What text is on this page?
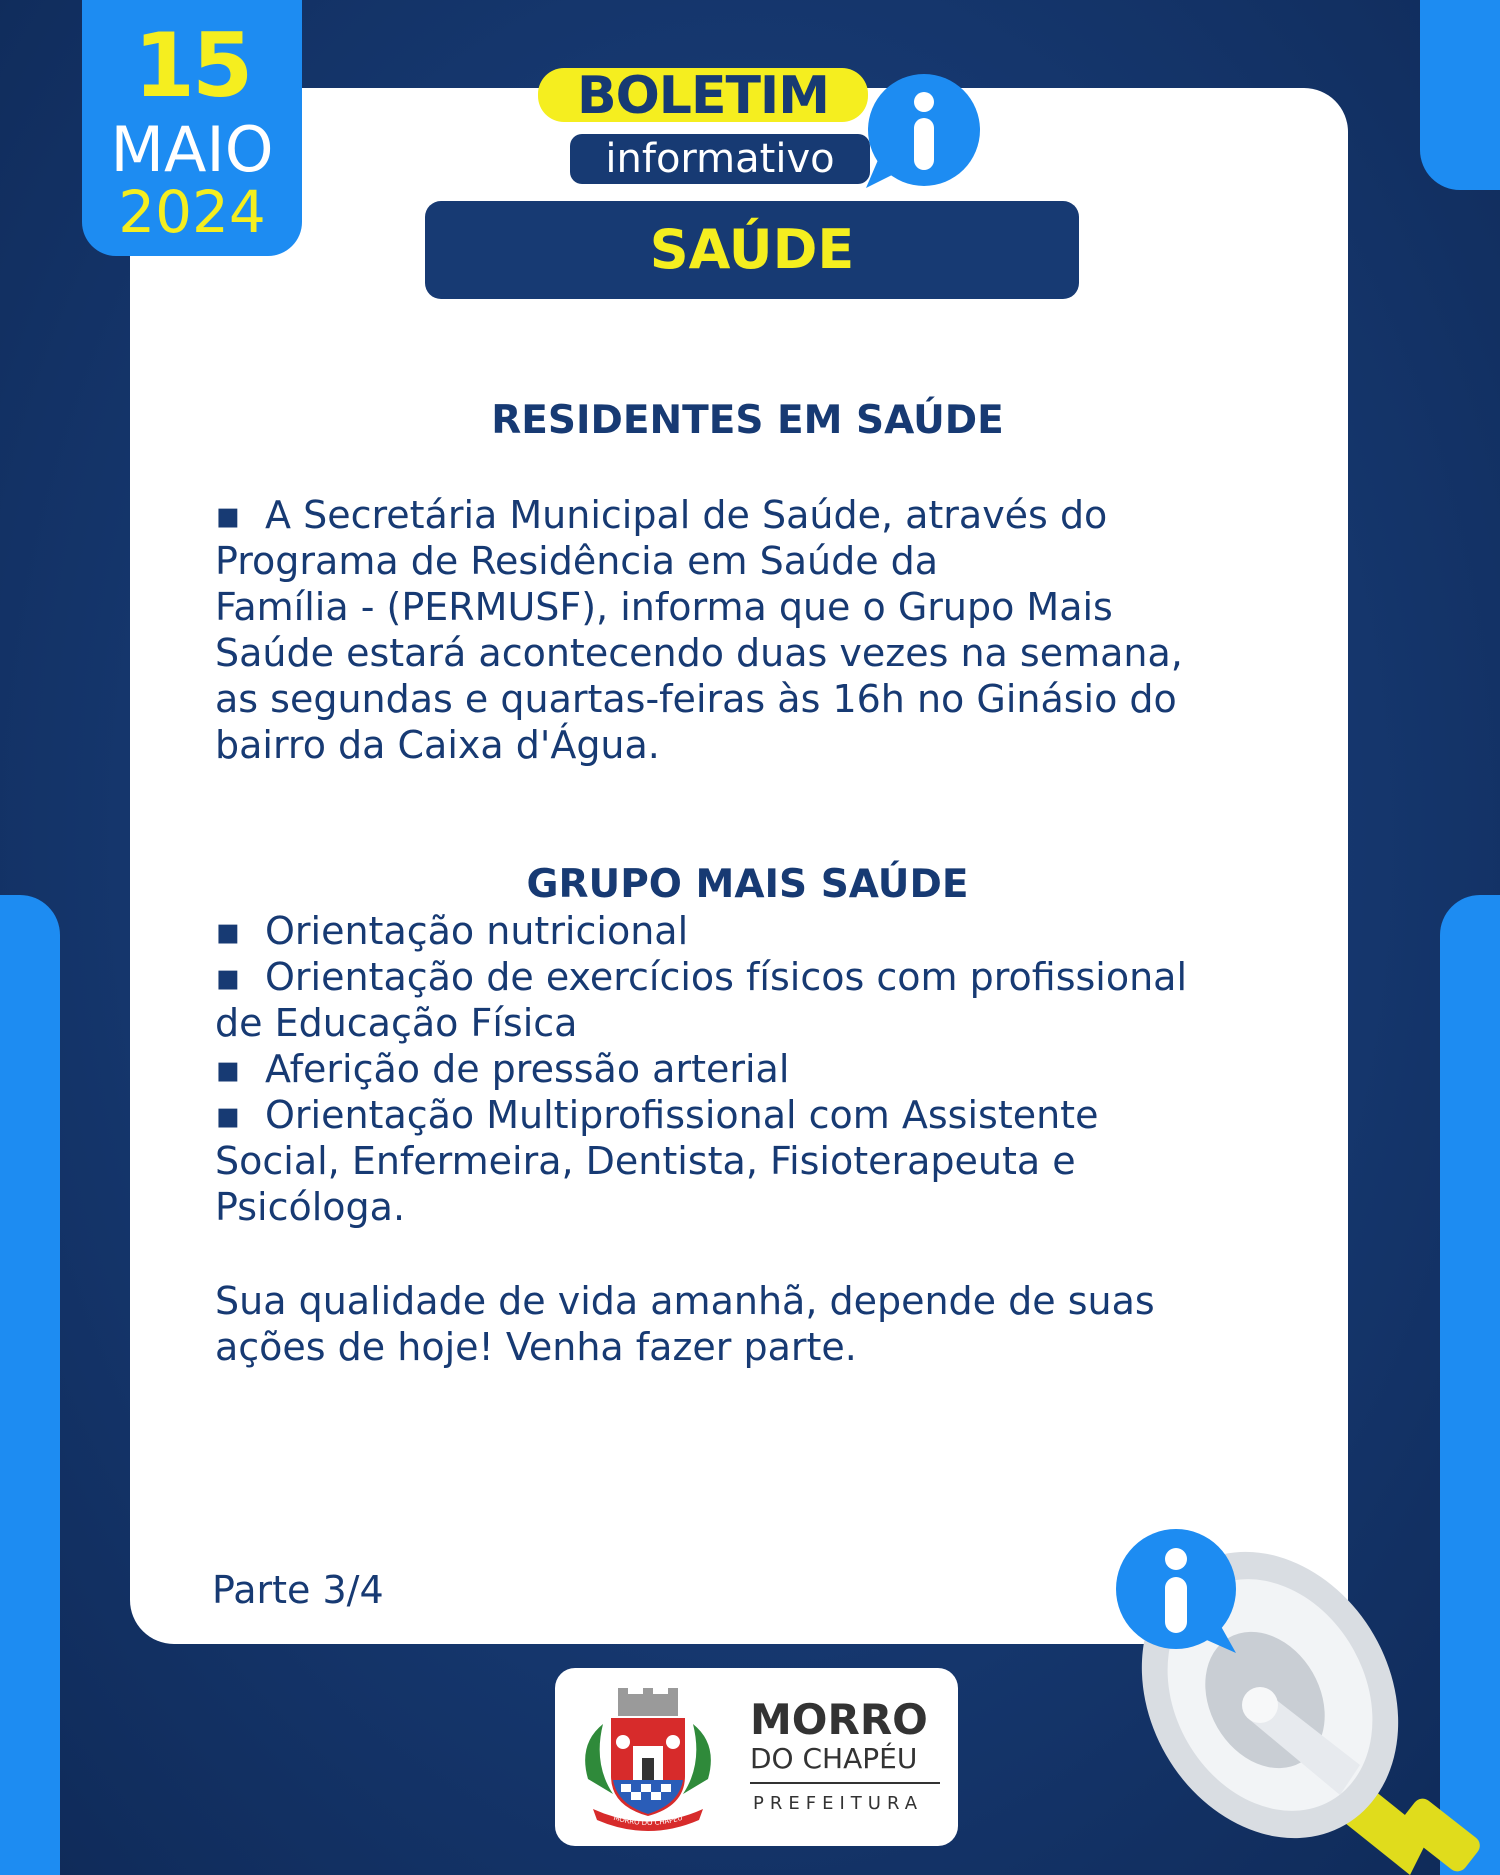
15
MAIO
2024
BOLETIM
informativo
SAÚDE
RESIDENTES EM SAÚDE
▪ A Secretária Municipal de Saúde, através do
Programa de Residência em Saúde da
Família - (PERMUSF), informa que o Grupo Mais
Saúde estará acontecendo duas vezes na semana,
as segundas e quartas-feiras às 16h no Ginásio do
bairro da Caixa d'Água.
GRUPO MAIS SAÚDE
▪ Orientação nutricional
▪ Orientação de exercícios físicos com profissional
de Educação Física
▪ Aferição de pressão arterial
▪ Orientação Multiprofissional com Assistente
Social, Enfermeira, Dentista, Fisioterapeuta e
Psicóloga.
Sua qualidade de vida amanhã, depende de suas
ações de hoje! Venha fazer parte.
Parte 3/4
MORRO DO CHAPÉU
MORRO
DO CHAPÉU
PREFEITURA
